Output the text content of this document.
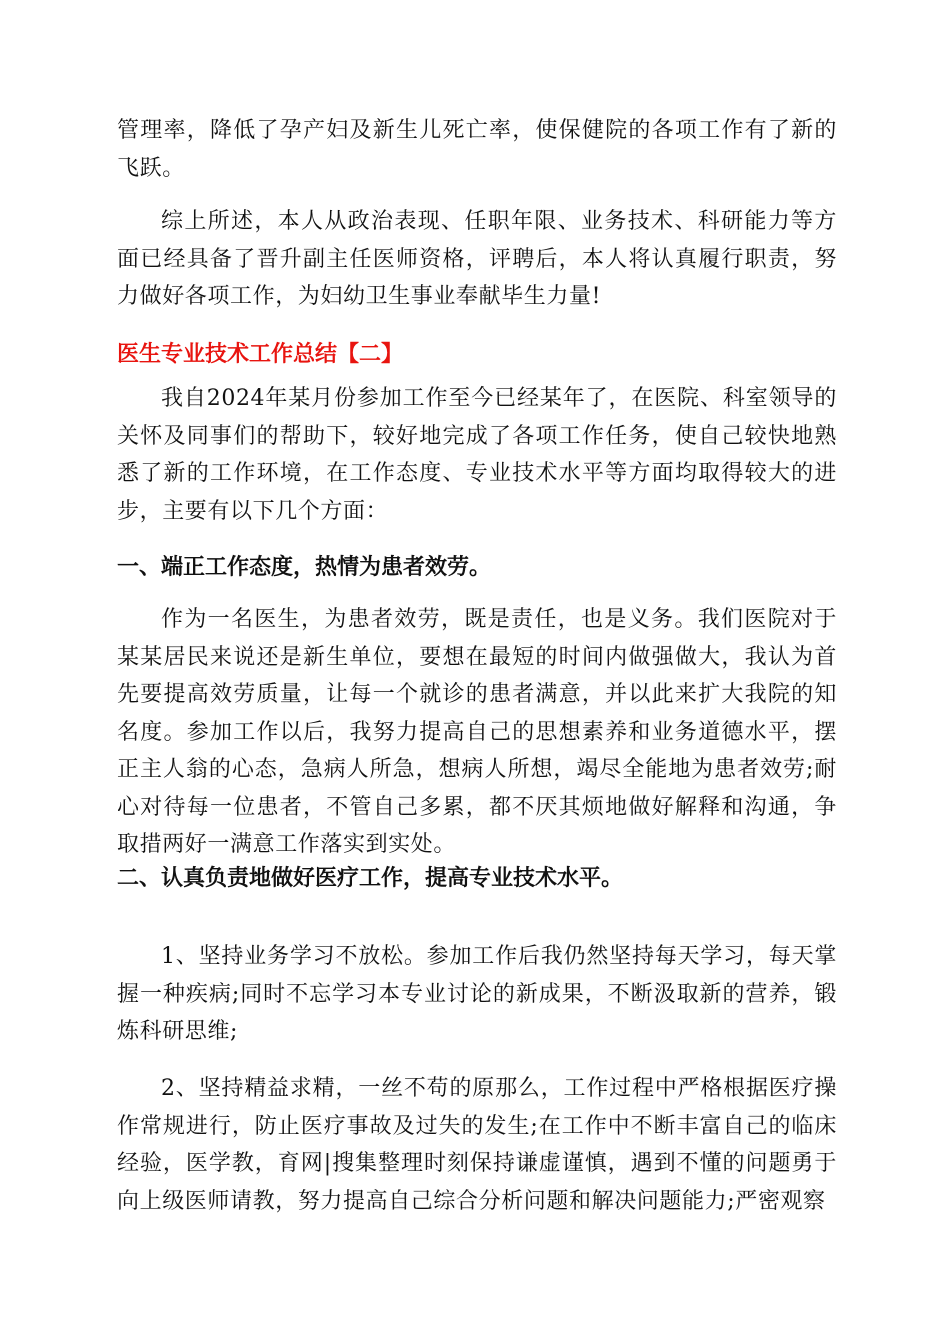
管理率，降低了孕产妇及新生儿死亡率，使保健院的各项工作有了新的飞跃。

综上所述，本人从政治表现、任职年限、业务技术、科研能力等方面已经具备了晋升副主任医师资格，评聘后，本人将认真履行职责，努力做好各项工作，为妇幼卫生事业奉献毕生力量!

医生专业技术工作总结【二】

我自2024年某月份参加工作至今已经某年了，在医院、科室领导的关怀及同事们的帮助下，较好地完成了各项工作任务，使自己较快地熟悉了新的工作环境，在工作态度、专业技术水平等方面均取得较大的进步，主要有以下几个方面：

一、端正工作态度，热情为患者效劳。

作为一名医生，为患者效劳，既是责任，也是义务。我们医院对于某某居民来说还是新生单位，要想在最短的时间内做强做大，我认为首先要提高效劳质量，让每一个就诊的患者满意，并以此来扩大我院的知名度。参加工作以后，我努力提高自己的思想素养和业务道德水平，摆正主人翁的心态，急病人所急，想病人所想，竭尽全能地为患者效劳;耐心对待每一位患者，不管自己多累，都不厌其烦地做好解释和沟通，争取措两好一满意工作落实到实处。

二、认真负责地做好医疗工作，提高专业技术水平。

1、坚持业务学习不放松。参加工作后我仍然坚持每天学习，每天掌握一种疾病;同时不忘学习本专业讨论的新成果，不断汲取新的营养，锻炼科研思维;

2、坚持精益求精，一丝不苟的原那么，工作过程中严格根据医疗操作常规进行，防止医疗事故及过失的发生;在工作中不断丰富自己的临床经验，医学教，育网|搜集整理时刻保持谦虚谨慎，遇到不懂的问题勇于向上级医师请教，努力提高自己综合分析问题和解决问题能力;严密观察
